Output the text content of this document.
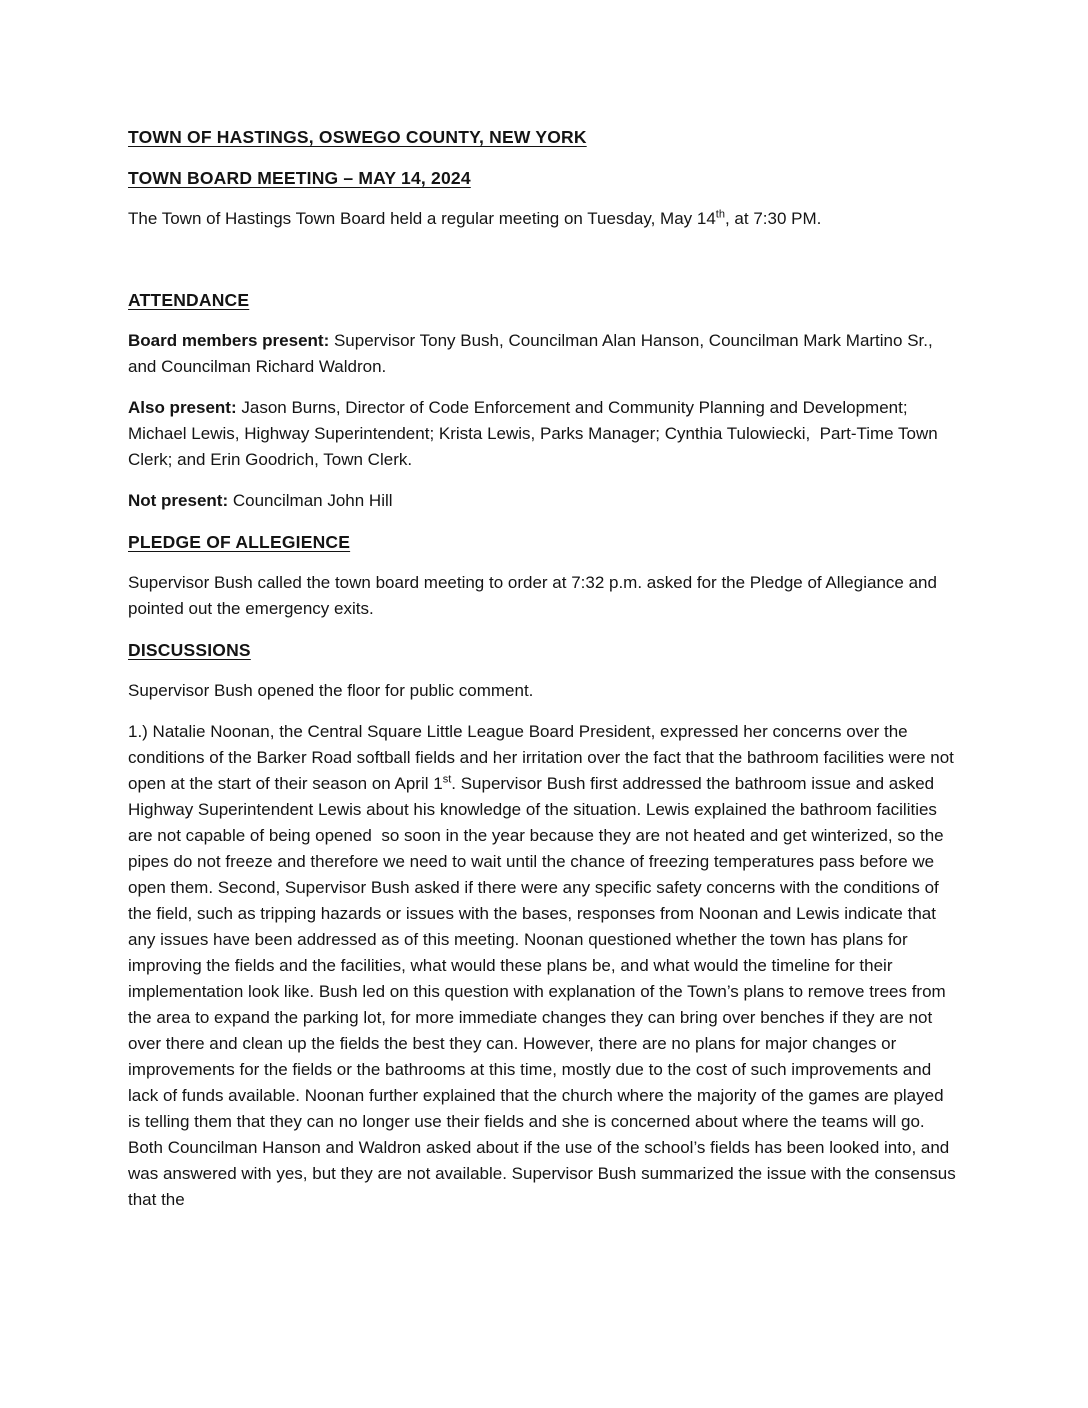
TOWN OF HASTINGS, OSWEGO COUNTY, NEW YORK
TOWN BOARD MEETING – MAY 14, 2024

The Town of Hastings Town Board held a regular meeting on Tuesday, May 14th, at 7:30 PM.

ATTENDANCE

Board members present: Supervisor Tony Bush, Councilman Alan Hanson, Councilman Mark Martino Sr., and Councilman Richard Waldron.

Also present: Jason Burns, Director of Code Enforcement and Community Planning and Development; Michael Lewis, Highway Superintendent; Krista Lewis, Parks Manager; Cynthia Tulowiecki,  Part-Time Town Clerk; and Erin Goodrich, Town Clerk.

Not present: Councilman John Hill

PLEDGE OF ALLEGIENCE

Supervisor Bush called the town board meeting to order at 7:32 p.m. asked for the Pledge of Allegiance and pointed out the emergency exits.

DISCUSSIONS

Supervisor Bush opened the floor for public comment.

1.) Natalie Noonan, the Central Square Little League Board President, expressed her concerns over the conditions of the Barker Road softball fields and her irritation over the fact that the bathroom facilities were not open at the start of their season on April 1st. Supervisor Bush first addressed the bathroom issue and asked Highway Superintendent Lewis about his knowledge of the situation. Lewis explained the bathroom facilities are not capable of being opened  so soon in the year because they are not heated and get winterized, so the pipes do not freeze and therefore we need to wait until the chance of freezing temperatures pass before we open them. Second, Supervisor Bush asked if there were any specific safety concerns with the conditions of the field, such as tripping hazards or issues with the bases, responses from Noonan and Lewis indicate that any issues have been addressed as of this meeting. Noonan questioned whether the town has plans for improving the fields and the facilities, what would these plans be, and what would the timeline for their implementation look like. Bush led on this question with explanation of the Town’s plans to remove trees from the area to expand the parking lot, for more immediate changes they can bring over benches if they are not over there and clean up the fields the best they can. However, there are no plans for major changes or improvements for the fields or the bathrooms at this time, mostly due to the cost of such improvements and lack of funds available. Noonan further explained that the church where the majority of the games are played is telling them that they can no longer use their fields and she is concerned about where the teams will go. Both Councilman Hanson and Waldron asked about if the use of the school’s fields has been looked into, and was answered with yes, but they are not available. Supervisor Bush summarized the issue with the consensus that the
